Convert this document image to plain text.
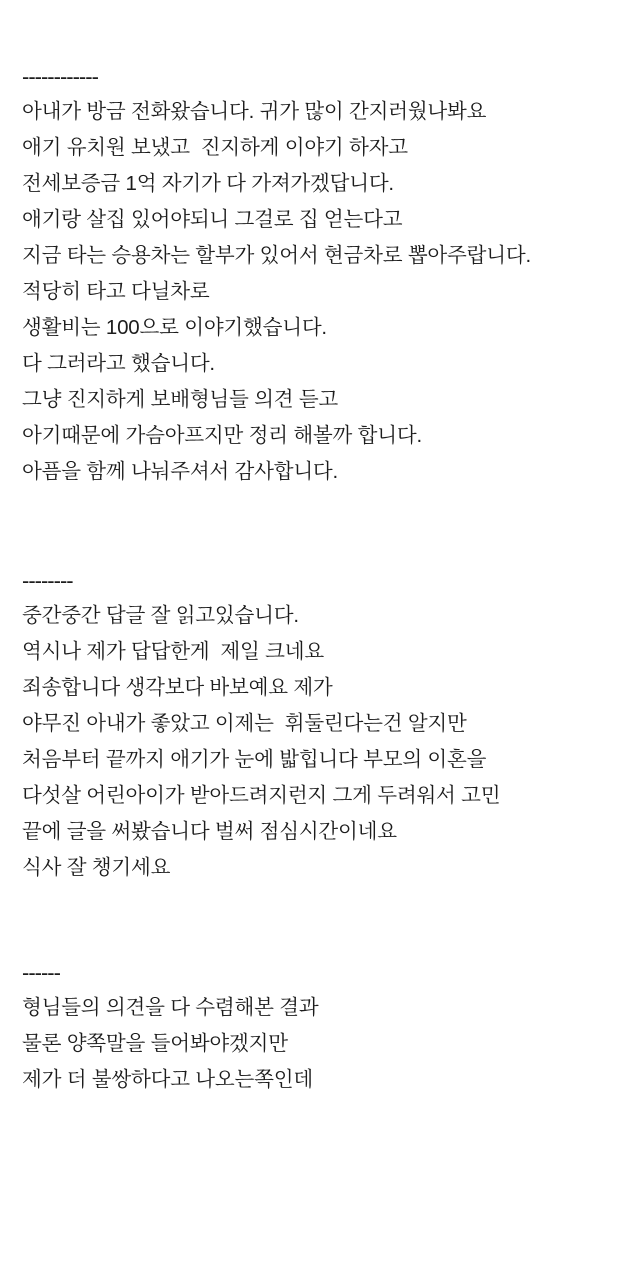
------------
아내가 방금 전화왔습니다. 귀가 많이 간지러웠나봐요
애기 유치원 보냈고  진지하게 이야기 하자고
전세보증금 1억 자기가 다 가져가겠답니다.
애기랑 살집 있어야되니 그걸로 집 얻는다고
지금 타는 승용차는 할부가 있어서 현금차로 뽑아주랍니다.
적당히 타고 다닐차로
생활비는 100으로 이야기했습니다.
다 그러라고 했습니다.
그냥 진지하게 보배형님들 의견 듣고
아기때문에 가슴아프지만 정리 해볼까 합니다.
아픔을 함께 나눠주셔서 감사합니다.
--------
중간중간 답글 잘 읽고있습니다.
역시나 제가 답답한게  제일 크네요
죄송합니다 생각보다 바보예요 제가
야무진 아내가 좋았고 이제는  휘둘린다는건 알지만
처음부터 끝까지 애기가 눈에 밟힙니다 부모의 이혼을
다섯살 어린아이가 받아드려지런지 그게 두려워서 고민
끝에 글을 써봤습니다 벌써 점심시간이네요
식사 잘 챙기세요
------
형님들의 의견을 다 수렴해본 결과
물론 양쪽말을 들어봐야겠지만
제가 더 불쌍하다고 나오는쪽인데
